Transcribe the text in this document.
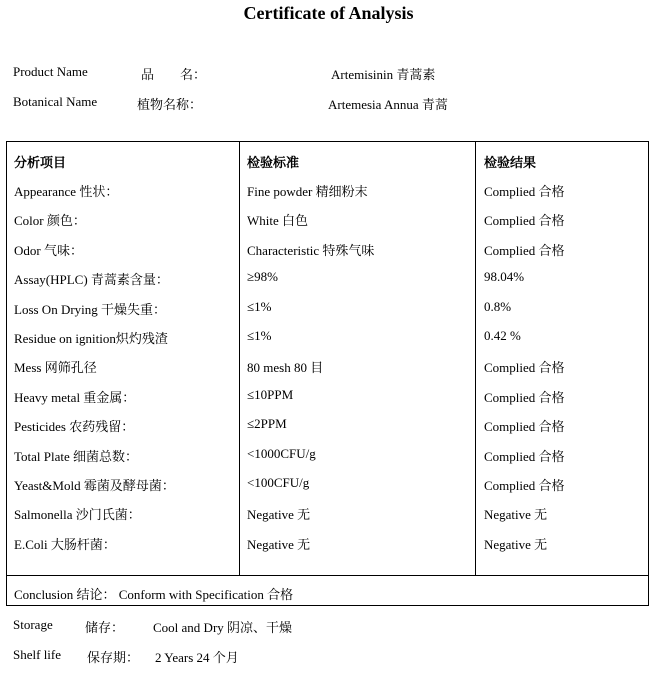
Certificate of Analysis
Product Name	品　　名：	Artemisinin 青蒿素
Botanical Name	植物名称：	Artemesia Annua 青蒿
分析项目	检验标准	检验结果
Appearance 性状：	Fine powder 精细粉末	Complied 合格
Color 颜色：	White 白色	Complied 合格
Odor 气味：	Characteristic 特殊气味	Complied 合格
Assay(HPLC) 青蒿素含量：	≥98%	98.04%
Loss On Drying 干燥失重：	≤1%	0.8%
Residue on ignition炽灼残渣	≤1%	0.42 %
Mess 网筛孔径	80 mesh 80 目	Complied 合格
Heavy metal 重金属：	≤10PPM	Complied 合格
Pesticides 农药残留：	≤2PPM	Complied 合格
Total Plate 细菌总数：	<1000CFU/g	Complied 合格
Yeast&Mold 霉菌及酵母菌：	<100CFU/g	Complied 合格
Salmonella 沙门氏菌：	Negative 无	Negative 无
E.Coli 大肠杆菌：	Negative 无	Negative 无
Conclusion 结论： Conform with Specification 合格
Storage 储存： Cool and Dry 阴凉、干燥
Shelf life 保存期： 2 Years 24 个月
